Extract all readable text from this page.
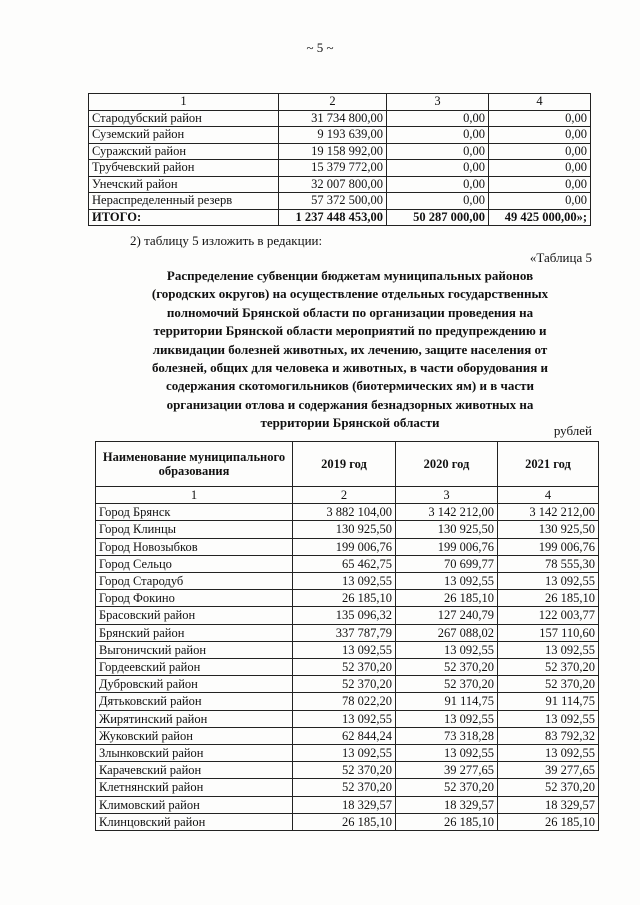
~ 5 ~
1	2	3	4
Стародубский район	31 734 800,00	0,00	0,00
Суземский район	9 193 639,00	0,00	0,00
Суражский район	19 158 992,00	0,00	0,00
Трубчевский район	15 379 772,00	0,00	0,00
Унечский район	32 007 800,00	0,00	0,00
Нераспределенный резерв	57 372 500,00	0,00	0,00
ИТОГО:	1 237 448 453,00	50 287 000,00	49 425 000,00»;
2) таблицу 5 изложить в редакции:
«Таблица 5
Распределение субвенции бюджетам муниципальных районов
(городских округов) на осуществление отдельных государственных
полномочий Брянской области по организации проведения на
территории Брянской области мероприятий по предупреждению и
ликвидации болезней животных, их лечению, защите населения от
болезней, общих для человека и животных, в части оборудования и
содержания скотомогильников (биотермических ям) и в части
организации отлова и содержания безнадзорных животных на
территории Брянской области
рублей
Наименование муниципального образования	2019 год	2020 год	2021 год
1	2	3	4
Город Брянск	3 882 104,00	3 142 212,00	3 142 212,00
Город Клинцы	130 925,50	130 925,50	130 925,50
Город Новозыбков	199 006,76	199 006,76	199 006,76
Город Сельцо	65 462,75	70 699,77	78 555,30
Город Стародуб	13 092,55	13 092,55	13 092,55
Город Фокино	26 185,10	26 185,10	26 185,10
Брасовский район	135 096,32	127 240,79	122 003,77
Брянский район	337 787,79	267 088,02	157 110,60
Выгоничский район	13 092,55	13 092,55	13 092,55
Гордеевский район	52 370,20	52 370,20	52 370,20
Дубровский район	52 370,20	52 370,20	52 370,20
Дятьковский район	78 022,20	91 114,75	91 114,75
Жирятинский район	13 092,55	13 092,55	13 092,55
Жуковский район	62 844,24	73 318,28	83 792,32
Злынковский район	13 092,55	13 092,55	13 092,55
Карачевский район	52 370,20	39 277,65	39 277,65
Клетнянский район	52 370,20	52 370,20	52 370,20
Климовский район	18 329,57	18 329,57	18 329,57
Клинцовский район	26 185,10	26 185,10	26 185,10
